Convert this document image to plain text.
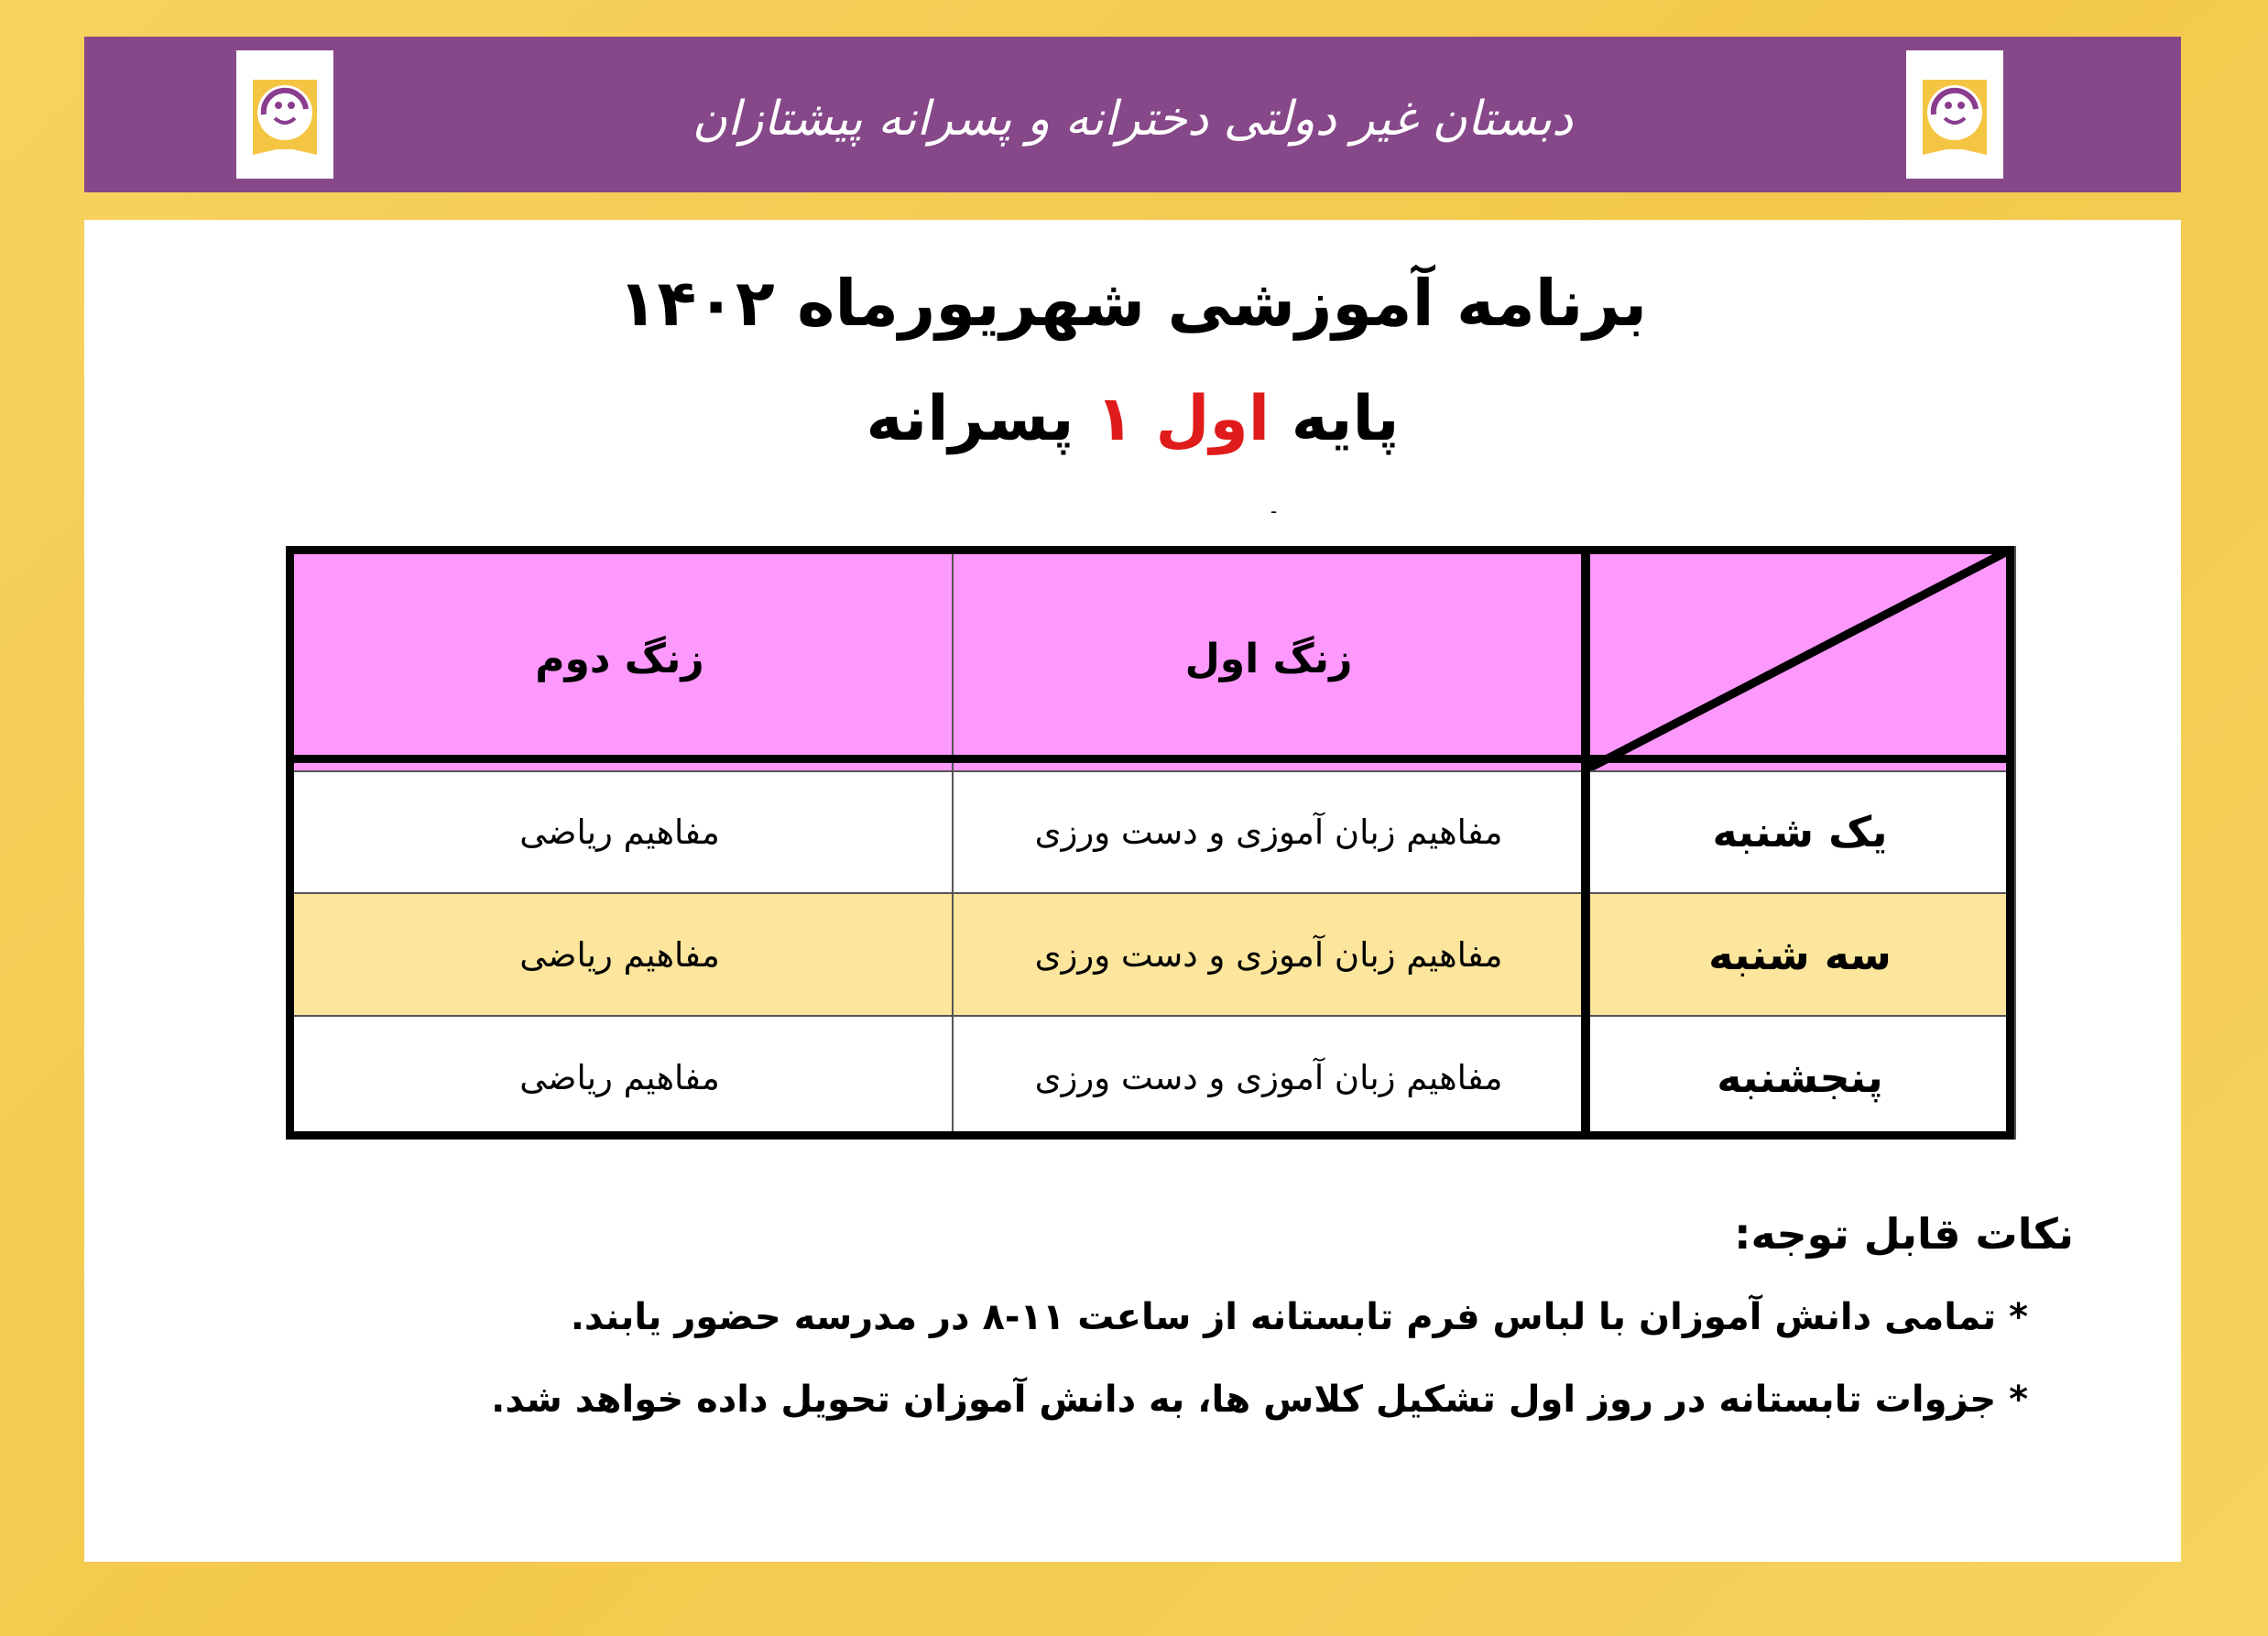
دبستان غیر دولتی دخترانه و پسرانه پیشتازان
برنامه آموزشی شهریورماه ۱۴۰۲
پایه اول ۱ پسرانه
-
	زنگ اول	زنگ دوم
یک شنبه	مفاهیم زبان آموزی و دست ورزی	مفاهیم ریاضی
سه شنبه	مفاهیم زبان آموزی و دست ورزی	مفاهیم ریاضی
پنجشنبه	مفاهیم زبان آموزی و دست ورزی	مفاهیم ریاضی
نکات قابل توجه:
* تمامی دانش آموزان با لباس فرم تابستانه از ساعت ۱۱-۸ در مدرسه حضور یابند.
* جزوات تابستانه در روز اول تشکیل کلاس ها، به دانش آموزان تحویل داده خواهد شد.
